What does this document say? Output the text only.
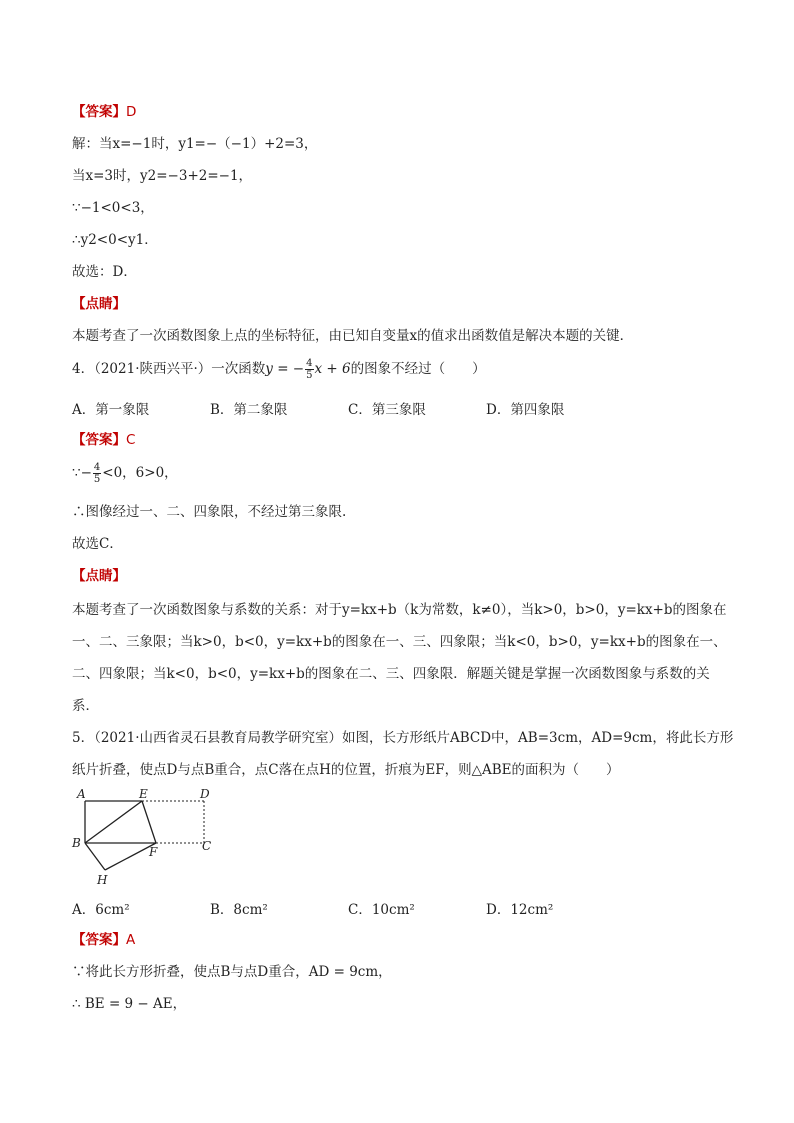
【答案】D
解：当x=−1时，y1=−（−1）+2=3，
当x=3时，y2=−3+2=−1，
∵−1<0<3，
∴y2<0<y1．
故选：D．
【点睛】
本题考查了一次函数图象上点的坐标特征，由已知自变量x的值求出函数值是解决本题的关键．
4．（2021·陕西兴平·）一次函数y = − $\frac{4}{5}$ x + 6的图象不经过（　　）
A．第一象限	B．第二象限	C．第三象限	D．第四象限
【答案】C
∵− $\frac{4}{5} <0$，6>0，
∴图像经过一、二、四象限，不经过第三象限.
故选C．
【点睛】
本题考查了一次函数图象与系数的关系：对于y=kx+b（k为常数，k≠0），当k>0，b>0，y=kx+b的图象在
一、二、三象限；当k>0，b<0，y=kx+b的图象在一、三、四象限；当k<0，b>0，y=kx+b的图象在一、
二、四象限；当k<0，b<0，y=kx+b的图象在二、三、四象限．解题关键是掌握一次函数图象与系数的关
系．
5．（2021·山西省灵石县教育局教学研究室）如图，长方形纸片ABCD中，AB=3cm，AD=9cm，将此长方形
纸片折叠，使点D与点B重合，点C落在点H的位置，折痕为EF，则△ABE的面积为（　　）
A	E	D
B
F	C
H
A．6cm²	B．8cm²	C．10cm²	D．12cm²
【答案】A
∵将此长方形折叠，使点B与点D重合，AD = 9cm，
∴ BE = 9 − AE，
